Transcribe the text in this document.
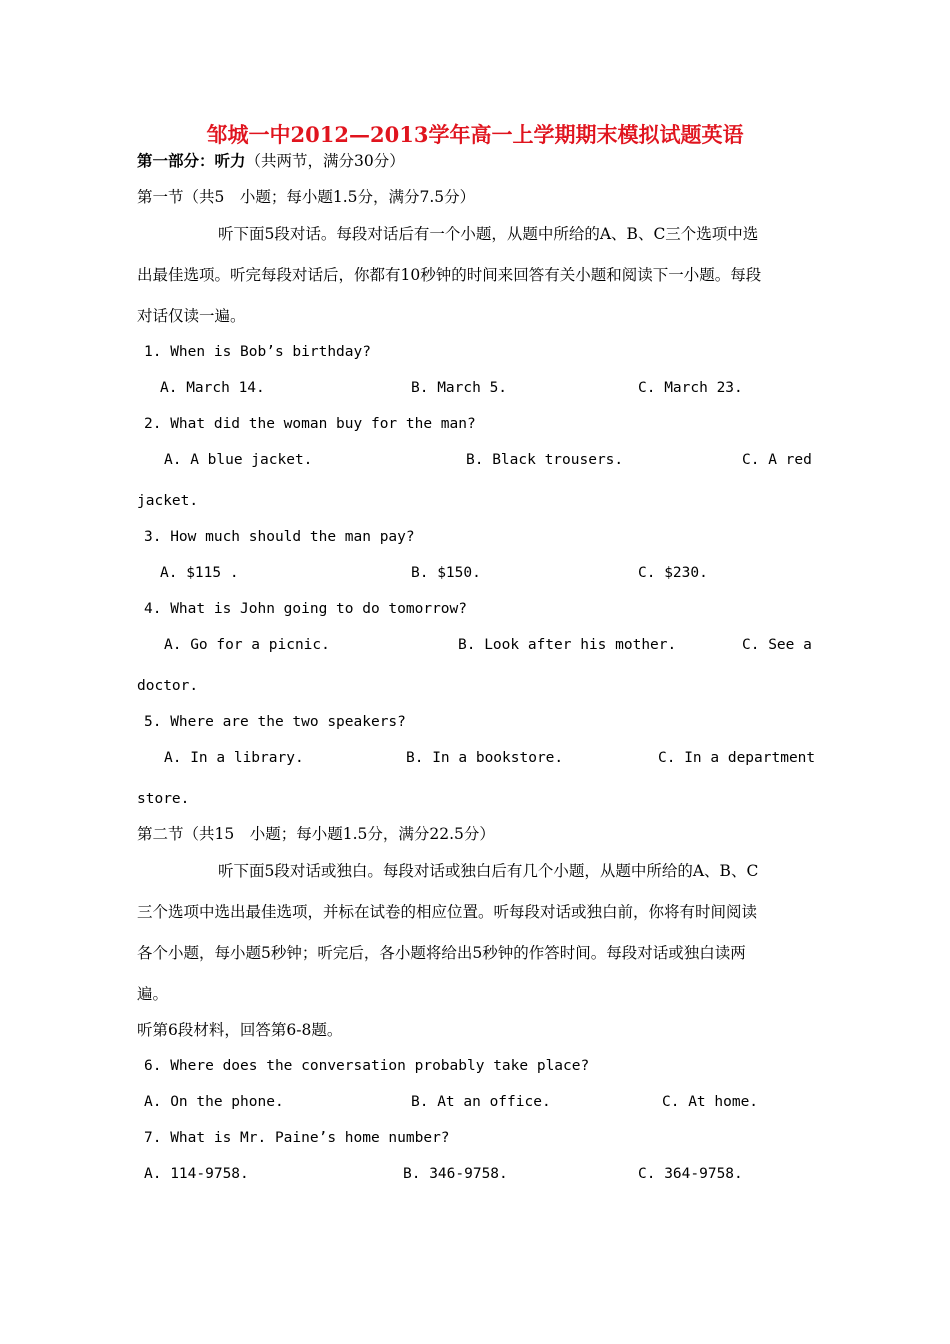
邹城一中2012—2013学年高一上学期期末模拟试题英语
第一部分：听力（共两节，满分30分）
第一节（共5　小题；每小题1.5分，满分7.5分）
听下面5段对话。每段对话后有一个小题，从题中所给的A、B、C三个选项中选
出最佳选项。听完每段对话后，你都有10秒钟的时间来回答有关小题和阅读下一小题。每段
对话仅读一遍。
1. When is Bob’s birthday?
A. March 14.	B. March 5.	C. March 23.
2. What did the woman buy for the man?
A. A blue jacket.	B. Black trousers.	C. A red
jacket.
3. How much should the man pay?
A. $115 .	B. $150.	C. $230.
4. What is John going to do tomorrow?
A. Go for a picnic.	B. Look after his mother.	C. See a
doctor.
5. Where are the two speakers?
A. In a library.	B. In a bookstore.	C. In a department
store.
第二节（共15　小题；每小题1.5分，满分22.5分）
听下面5段对话或独白。每段对话或独白后有几个小题，从题中所给的A、B、C
三个选项中选出最佳选项，并标在试卷的相应位置。听每段对话或独白前，你将有时间阅读
各个小题，每小题5秒钟；听完后，各小题将给出5秒钟的作答时间。每段对话或独白读两
遍。
听第6段材料，回答第6-8题。
6. Where does the conversation probably take place?
A. On the phone.	B. At an office.	C. At home.
7. What is Mr. Paine’s home number?
A. 114-9758.	B. 346-9758.	C. 364-9758.
